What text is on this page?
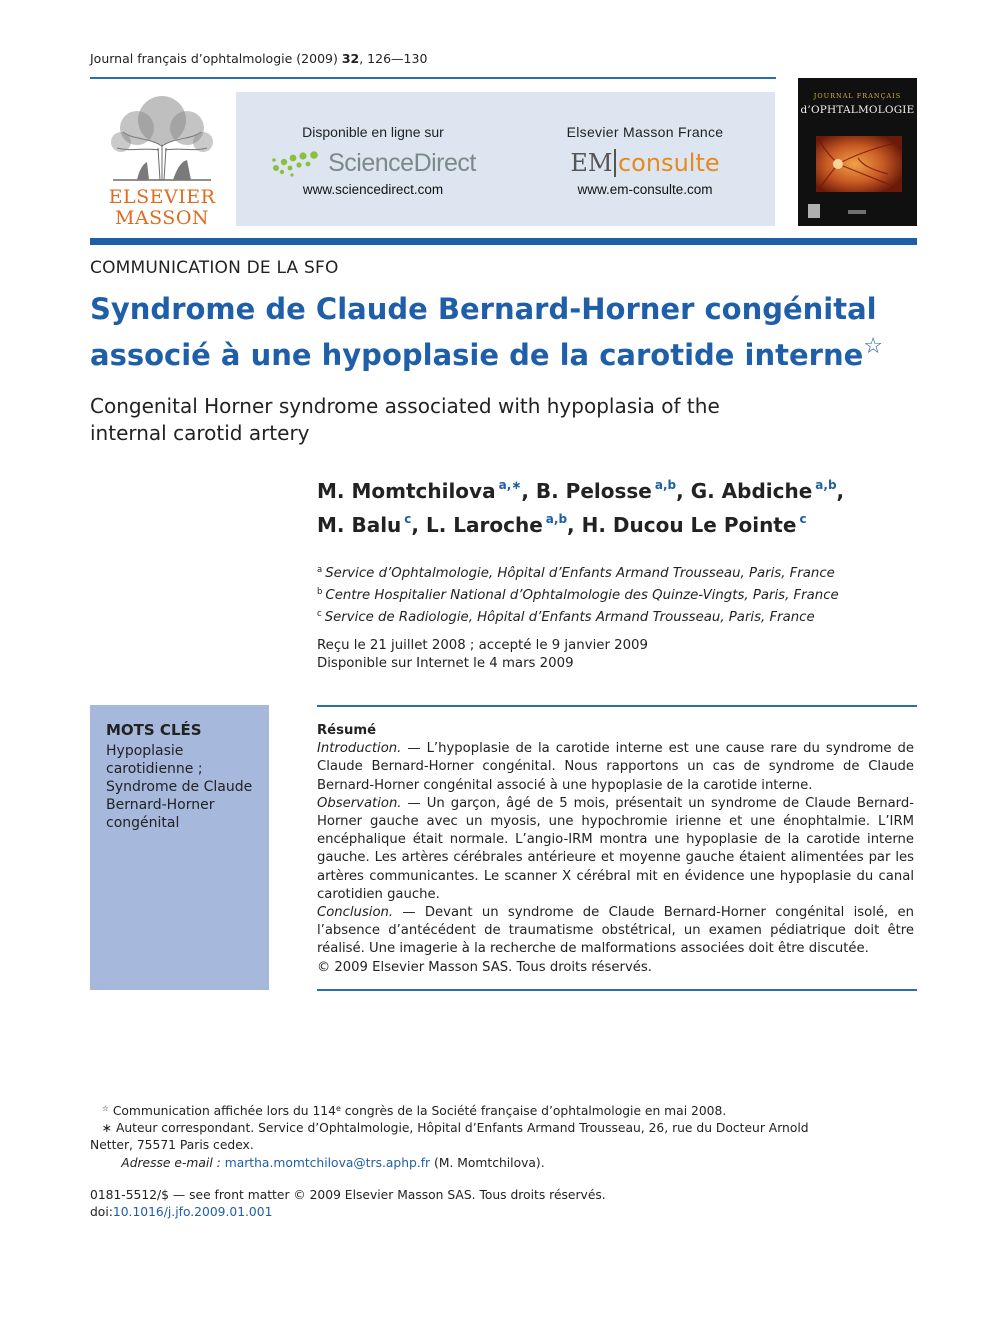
Journal français d’ophtalmologie (2009) 32, 126—130
ELSEVIER
MASSON
Disponible en ligne sur
ScienceDirect
www.sciencedirect.com
Elsevier Masson France
EM consulte
www.em-consulte.com
JOURNAL FRANÇAIS
d’OPHTALMOLOGIE
COMMUNICATION DE LA SFO
Syndrome de Claude Bernard-Horner congénital
associé à une hypoplasie de la carotide interne☆
Congenital Horner syndrome associated with hypoplasia of the
internal carotid artery
M. Momtchilova $^{a,∗}$, B. Pelosse $^{a,b}$, G. Abdiche $^{a,b}$,
M. Balu $^c$, L. Laroche $^{a,b}$, H. Ducou Le Pointe $^c$
$^a$ Service d’Ophtalmologie, Hôpital d’Enfants Armand Trousseau, Paris, France
$^b$ Centre Hospitalier National d’Ophtalmologie des Quinze-Vingts, Paris, France
$^c$ Service de Radiologie, Hôpital d’Enfants Armand Trousseau, Paris, France
Reçu le 21 juillet 2008 ; accepté le 9 janvier 2009
Disponible sur Internet le 4 mars 2009
MOTS CLÉS
Hypoplasie carotidienne ;
Syndrome de Claude Bernard-Horner congénital
Résumé
Introduction. — L’hypoplasie de la carotide interne est une cause rare du syndrome de Claude Bernard-Horner congénital. Nous rapportons un cas de syndrome de Claude Bernard-Horner congénital associé à une hypoplasie de la carotide interne.
Observation. — Un garçon, âgé de 5 mois, présentait un syndrome de Claude Bernard-Horner gauche avec un myosis, une hypochromie irienne et une énophtalmie. L’IRM encéphalique était normale. L’angio-IRM montra une hypoplasie de la carotide interne gauche. Les artères cérébrales antérieure et moyenne gauche étaient alimentées par les artères communicantes. Le scanner X cérébral mit en évidence une hypoplasie du canal carotidien gauche.
Conclusion. — Devant un syndrome de Claude Bernard-Horner congénital isolé, en l’absence d’antécédent de traumatisme obstétrical, un examen pédiatrique doit être réalisé. Une imagerie à la recherche de malformations associées doit être discutée.
© 2009 Elsevier Masson SAS. Tous droits réservés.
☆ Communication affichée lors du 114e congrès de la Société française d’ophtalmologie en mai 2008.
∗ Auteur correspondant. Service d’Ophtalmologie, Hôpital d’Enfants Armand Trousseau, 26, rue du Docteur Arnold Netter, 75571 Paris cedex.
Adresse e-mail : martha.momtchilova@trs.aphp.fr (M. Momtchilova).
0181-5512/$ — see front matter © 2009 Elsevier Masson SAS. Tous droits réservés.
doi:10.1016/j.jfo.2009.01.001
